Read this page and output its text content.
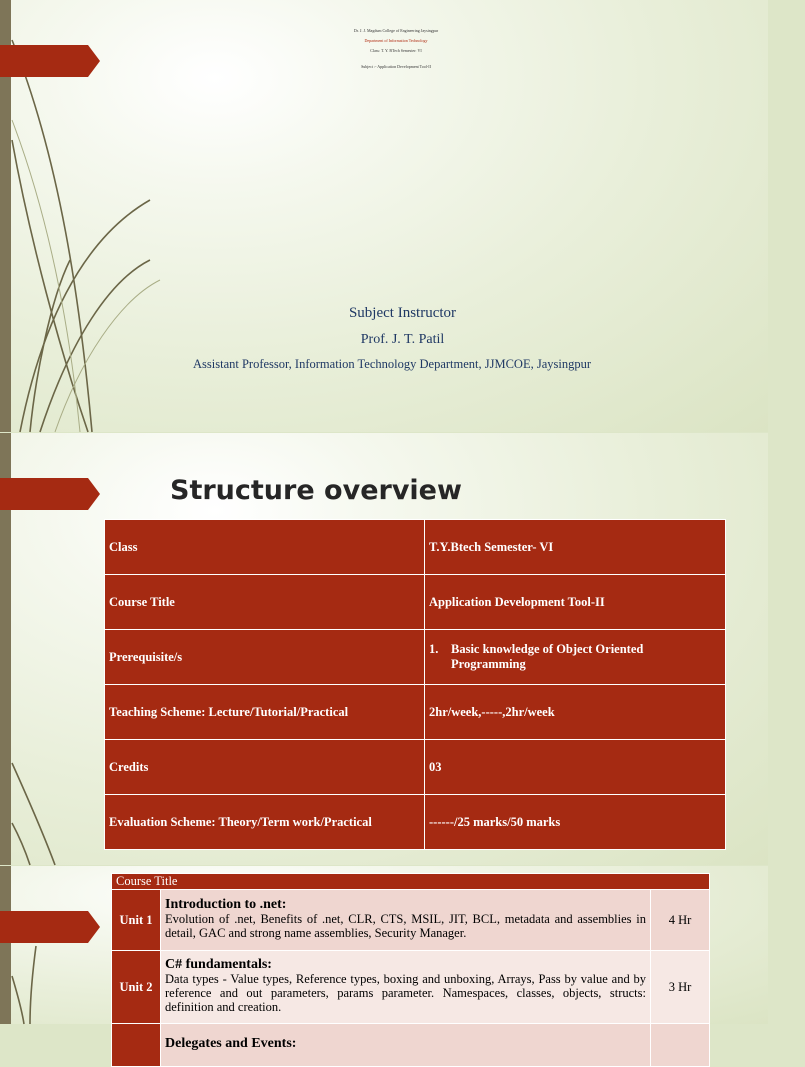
Dr. J. J. Magdum College of Engineering Jaysingpur
Department of Information Technology
Class: T. Y. BTech Semester: VI
Subject :- Application Development Tool-II
Subject Instructor
Prof. J. T. Patil
Assistant Professor, Information Technology Department, JJMCOE, Jaysingpur
Structure overview
Class	T.Y.Btech Semester- VI
Course Title	Application Development Tool-II
Prerequisite/s	1. Basic knowledge of Object Oriented Programming

Teaching Scheme: Lecture/Tutorial/Practical	2hr/week,-----,2hr/week
Credits	03
Evaluation Scheme: Theory/Term work/Practical	------/25 marks/50 marks
Course Title		
Unit 1	Introduction to .net:
Evolution of .net, Benefits of .net, CLR, CTS, MSIL, JIT, BCL, metadata and assemblies in detail, GAC and strong name assemblies, Security Manager.	4 Hr
Unit 2	C# fundamentals:
Data types - Value types, Reference types, boxing and unboxing, Arrays, Pass by value and by reference and out parameters, params parameter. Namespaces, classes, objects, structs: definition and creation.	3 Hr

	Delegates and Events:	
